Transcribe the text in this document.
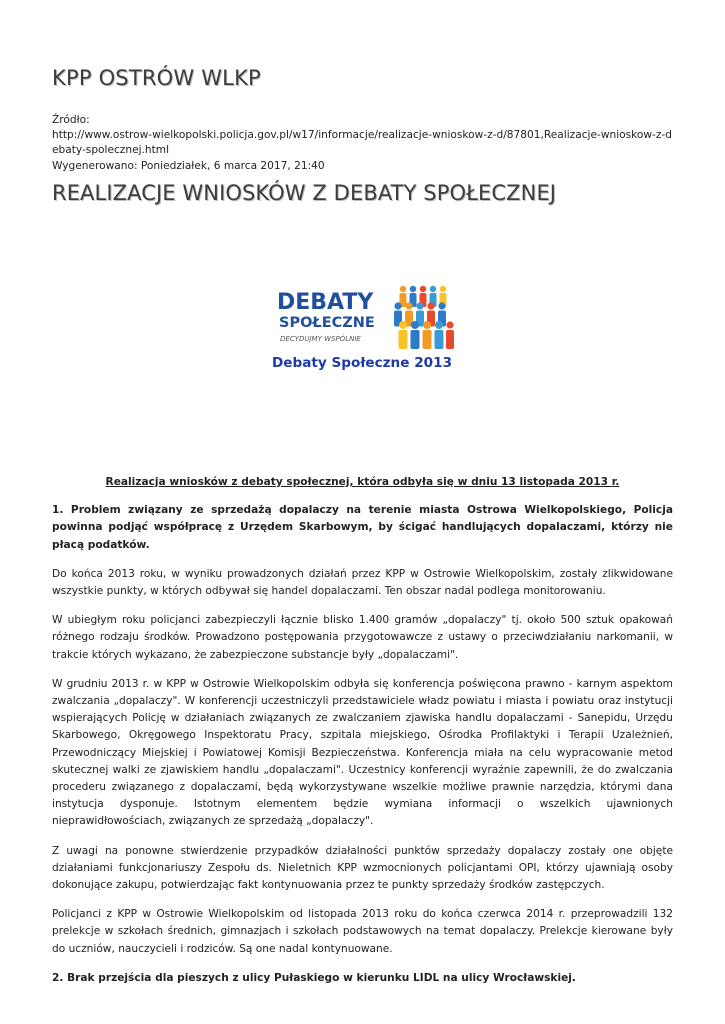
KPP OSTRÓW WLKP
Źródło:
http://www.ostrow-wielkopolski.policja.gov.pl/w17/informacje/realizacje-wnioskow-z-d/87801,Realizacje-wnioskow-z-debaty-spolecznej.html
Wygenerowano: Poniedziałek, 6 marca 2017, 21:40
REALIZACJE WNIOSKÓW Z DEBATY SPOŁECZNEJ
DEBATY
SPOŁECZNE
DECYDUJMY WSPÓLNIE
Debaty Społeczne 2013

Realizacja wniosków z debaty społecznej, która odbyła się w dniu 13 listopada 2013 r.

1. Problem związany ze sprzedażą dopalaczy na terenie miasta Ostrowa Wielkopolskiego, Policja powinna podjąć współpracę z Urzędem Skarbowym, by ścigać handlujących dopalaczami, którzy nie płacą podatków.

Do końca 2013 roku, w wyniku prowadzonych działań przez KPP w Ostrowie Wielkopolskim, zostały zlikwidowane wszystkie punkty, w których odbywał się handel dopalaczami. Ten obszar nadal podlega monitorowaniu.

W ubiegłym roku policjanci zabezpieczyli łącznie blisko 1.400 gramów „dopalaczy" tj. około 500 sztuk opakowań różnego rodzaju środków. Prowadzono postępowania przygotowawcze z ustawy o przeciwdziałaniu narkomanii, w trakcie których wykazano, że zabezpieczone substancje były „dopalaczami".

W grudniu 2013 r. w KPP w Ostrowie Wielkopolskim odbyła się konferencja poświęcona prawno - karnym aspektom zwalczania „dopalaczy". W konferencji uczestniczyli przedstawiciele władz powiatu i miasta i powiatu oraz instytucji wspierających Policję w działaniach związanych ze zwalczaniem zjawiska handlu dopalaczami - Sanepidu, Urzędu Skarbowego, Okręgowego Inspektoratu Pracy, szpitala miejskiego, Ośrodka Profilaktyki i Terapii Uzależnień, Przewodniczący Miejskiej i Powiatowej Komisji Bezpieczeństwa. Konferencja miała na celu wypracowanie metod skutecznej walki ze zjawiskiem handlu „dopalaczami". Uczestnicy konferencji wyraźnie zapewnili, że do zwalczania procederu związanego z dopalaczami, będą wykorzystywane wszelkie możliwe prawnie narzędzia, którymi dana instytucja dysponuje. Istotnym elementem będzie wymiana informacji o wszelkich ujawnionych nieprawidłowościach, związanych ze sprzedażą „dopalaczy".

Z uwagi na ponowne stwierdzenie przypadków działalności punktów sprzedaży dopalaczy zostały one objęte działaniami funkcjonariuszy Zespołu ds. Nieletnich KPP wzmocnionych policjantami OPI, którzy ujawniają osoby dokonujące zakupu, potwierdzając fakt kontynuowania przez te punkty sprzedaży środków zastępczych.

Policjanci z KPP w Ostrowie Wielkopolskim od listopada 2013 roku do końca czerwca 2014 r. przeprowadzili 132 prelekcje w szkołach średnich, gimnazjach i szkołach podstawowych na temat dopalaczy. Prelekcje kierowane były do uczniów, nauczycieli i rodziców. Są one nadal kontynuowane.

2. Brak przejścia dla pieszych z ulicy Pułaskiego w kierunku LIDL na ulicy Wrocławskiej.
